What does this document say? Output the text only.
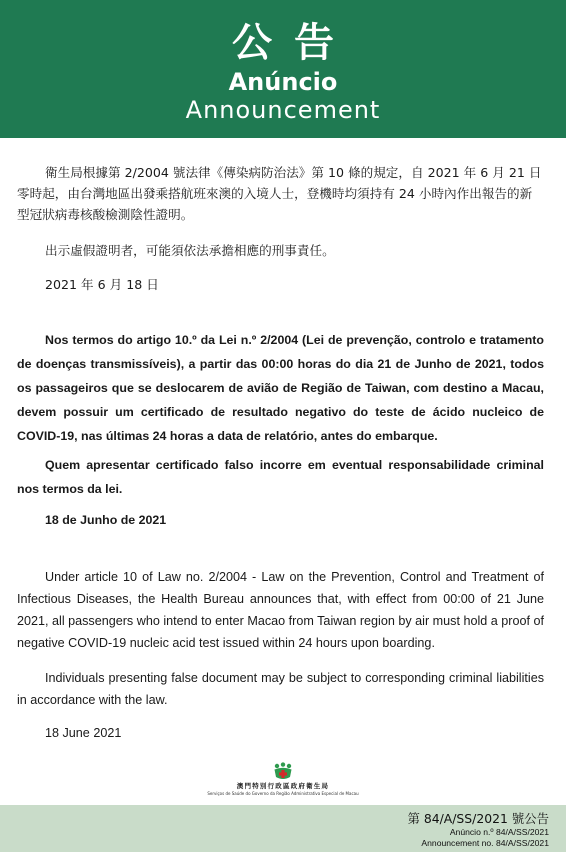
公告
Anúncio
Announcement
衛生局根據第 2/2004 號法律《傳染病防治法》第 10 條的規定，自 2021 年 6 月 21 日零時起，由台灣地區出發乘搭航班來澳的入境人士，登機時均須持有 24 小時內作出報告的新型冠狀病毒核酸檢測陰性證明。
出示虛假證明者，可能須依法承擔相應的刑事責任。
2021 年 6 月 18 日
Nos termos do artigo 10.º da Lei n.º 2/2004 (Lei de prevenção, controlo e tratamento de doenças transmissíveis), a partir das 00:00 horas do dia 21 de Junho de 2021, todos os passageiros que se deslocarem de avião de Região de Taiwan, com destino a Macau, devem possuir um certificado de resultado negativo do teste de ácido nucleico de COVID-19, nas últimas 24 horas a data de relatório, antes do embarque.
Quem apresentar certificado falso incorre em eventual responsabilidade criminal nos termos da lei.
18 de Junho de 2021
Under article 10 of Law no. 2/2004 - Law on the Prevention, Control and Treatment of Infectious Diseases, the Health Bureau announces that, with effect from 00:00 of 21 June 2021, all passengers who intend to enter Macao from Taiwan region by air must hold a proof of negative COVID-19 nucleic acid test issued within 24 hours upon boarding.
Individuals presenting false document may be subject to corresponding criminal liabilities in accordance with the law.
18 June 2021
澳門特別行政區政府衛生局
Serviços de Saúde do Governo da Região Administrativa Especial de Macau
第 84/A/SS/2021 號公告
Anúncio n.º 84/A/SS/2021
Announcement no. 84/A/SS/2021
